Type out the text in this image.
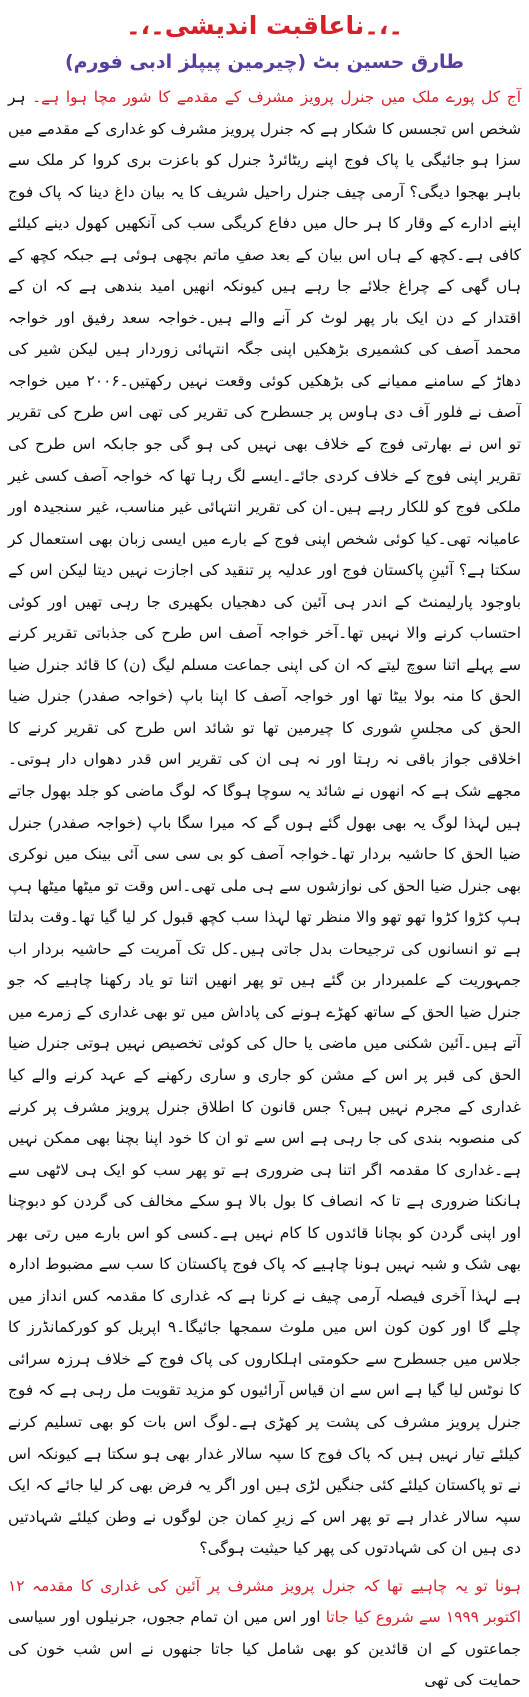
۔،۔ناعاقبت اندیشی۔،۔
طارق حسین بٹ (چیرمین پیپلز ادبی فورم)

آج کل پورے ملک میں جنرل پرویز مشرف کے مقدمے کا شور مچا ہوا ہے۔ ہر شخص اس تجسس کا شکار ہے کہ جنرل پرویز مشرف کو غداری کے مقدمے میں سزا ہو جائیگی یا پاک فوج اپنے ریٹائرڈ جنرل کو باعزت بری کروا کر ملک سے باہر بھجوا دیگی؟ آرمی چیف جنرل راحیل شریف کا یہ بیان داغ دینا کہ پاک فوج اپنے ادارے کے وقار کا ہر حال میں دفاع کریگی سب کی آنکھیں کھول دینے کیلئے کافی ہے۔کچھ کے ہاں اس بیان کے بعد صفِ ماتم بچھی ہوئی ہے جبکہ کچھ کے ہاں گھی کے چراغ جلائے جا رہے ہیں کیونکہ انھیں امید بندھی ہے کہ ان کے اقتدار کے دن ایک بار پھر لوٹ کر آنے والے ہیں۔خواجہ سعد رفیق اور خواجہ محمد آصف کی کشمیری بڑھکیں اپنی جگہ انتہائی زوردار ہیں لیکن شیر کی دھاڑ کے سامنے ممیانے کی بڑھکیں کوئی وقعت نہیں رکھتیں۔۲۰۰۶ میں خواجہ آصف نے فلور آف دی ہاوس پر جسطرح کی تقریر کی تھی اس طرح کی تقریر تو اس نے بھارتی فوج کے خلاف بھی نہیں کی ہو گی جو جابکہ اس طرح کی تقریر اپنی فوج کے خلاف کردی جائے۔ایسے لگ رہا تھا کہ خواجہ آصف کسی غیر ملکی فوج کو للکار رہے ہیں۔ان کی تقریر انتہائی غیر مناسب، غیر سنجیدہ اور عامیانہ تھی۔کیا کوئی شخص اپنی فوج کے بارے میں ایسی زبان بھی استعمال کر سکتا ہے؟ آئینِ پاکستان فوج اور عدلیہ پر تنقید کی اجازت نہیں دیتا لیکن اس کے باوجود پارلیمنٹ کے اندر ہی آئین کی دھجیاں بکھیری جا رہی تھیں اور کوئی احتساب کرنے والا نہیں تھا۔آخر خواجہ آصف اس طرح کی جذباتی تقریر کرنے سے پہلے اتنا سوچ لیتے کہ ان کی اپنی جماعت مسلم لیگ (ن) کا قائد جنرل ضیا الحق کا منہ بولا بیٹا تھا اور خواجہ آصف کا اپنا باپ (خواجہ صفدر) جنرل ضیا الحق کی مجلسِ شوری کا چیرمین تھا تو شائد اس طرح کی تقریر کرنے کا اخلاقی جواز باقی نہ رہتا اور نہ ہی ان کی تقریر اس قدر دھواں دار ہوتی۔مجھے شک ہے کہ انھوں نے شائد یہ سوچا ہوگا کہ لوگ ماضی کو جلد بھول جاتے ہیں لہذا لوگ یہ بھی بھول گئے ہوں گے کہ میرا سگا باپ (خواجہ صفدر) جنرل ضیا الحق کا حاشیہ بردار تھا۔خواجہ آصف کو بی سی سی آئی بینک میں نوکری بھی جنرل ضیا الحق کی نوازشوں سے ہی ملی تھی۔اس وقت تو میٹھا میٹھا ہپ ہپ کڑوا کڑوا تھو تھو والا منظر تھا لہذا سب کچھ قبول کر لیا گیا تھا۔وقت بدلتا ہے تو انسانوں کی ترجیحات بدل جاتی ہیں۔کل تک آمریت کے حاشیہ بردار اب جمہوریت کے علمبردار بن گئے ہیں تو پھر انھیں اتنا تو یاد رکھنا چاہیے کہ جو جنرل ضیا الحق کے ساتھ کھڑے ہونے کی پاداش میں تو بھی غداری کے زمرے میں آتے ہیں۔آئین شکنی میں ماضی یا حال کی کوئی تخصیص نہیں ہوتی جنرل ضیا الحق کی قبر پر اس کے مشن کو جاری و ساری رکھنے کے عہد کرنے والے کیا غداری کے مجرم نہیں ہیں؟ جس قانون کا اطلاق جنرل پرویز مشرف پر کرنے کی منصوبہ بندی کی جا رہی ہے اس سے تو ان کا خود اپنا بچنا بھی ممکن نہیں ہے۔غداری کا مقدمہ اگر اتنا ہی ضروری ہے تو پھر سب کو ایک ہی لاٹھی سے ہانکنا ضروری ہے تا کہ انصاف کا بول بالا ہو سکے مخالف کی گردن کو دبوچنا اور اپنی گردن کو بچانا قائدوں کا کام نہیں ہے۔کسی کو اس بارے میں رتی بھر بھی شک و شبہ نہیں ہونا چاہیے کہ پاک فوج پاکستان کا سب سے مضبوط ادارہ ہے لہذا آخری فیصلہ آرمی چیف نے کرنا ہے کہ غداری کا مقدمہ کس انداز میں چلے گا اور کون کون اس میں ملوث سمجھا جائیگا۔۹ اپریل کو کورکمانڈرز کا جلاس میں جسطرح سے حکومتی اہلکاروں کی پاک فوج کے خلاف ہرزہ سرائی کا نوٹس لیا گیا ہے اس سے ان قیاس آرائیوں کو مزید تقویت مل رہی ہے کہ فوج جنرل پرویز مشرف کی پشت پر کھڑی ہے۔لوگ اس بات کو بھی تسلیم کرنے کیلئے تیار نہیں ہیں کہ پاک فوج کا سپہ سالار غدار بھی ہو سکتا ہے کیونکہ اس نے تو پاکستان کیلئے کئی جنگیں لڑی ہیں اور اگر یہ فرض بھی کر لیا جائے کہ ایک سپہ سالار غدار ہے تو پھر اس کے زیرِ کمان جن لوگوں نے وطن کیلئے شہادتیں دی ہیں ان کی شہادتوں کی پھر کیا حیثیت ہوگی؟

ہونا تو یہ چاہیے تھا کہ جنرل پرویز مشرف پر آئین کی غداری کا مقدمہ ۱۲ اکتوبر ۱۹۹۹ سے شروع کیا جاتا اور اس میں ان تمام ججوں، جرنیلوں اور سیاسی جماعتوں کے ان قائدین کو بھی شامل کیا جاتا جنھوں نے اس شب خون کی حمایت کی تھی
